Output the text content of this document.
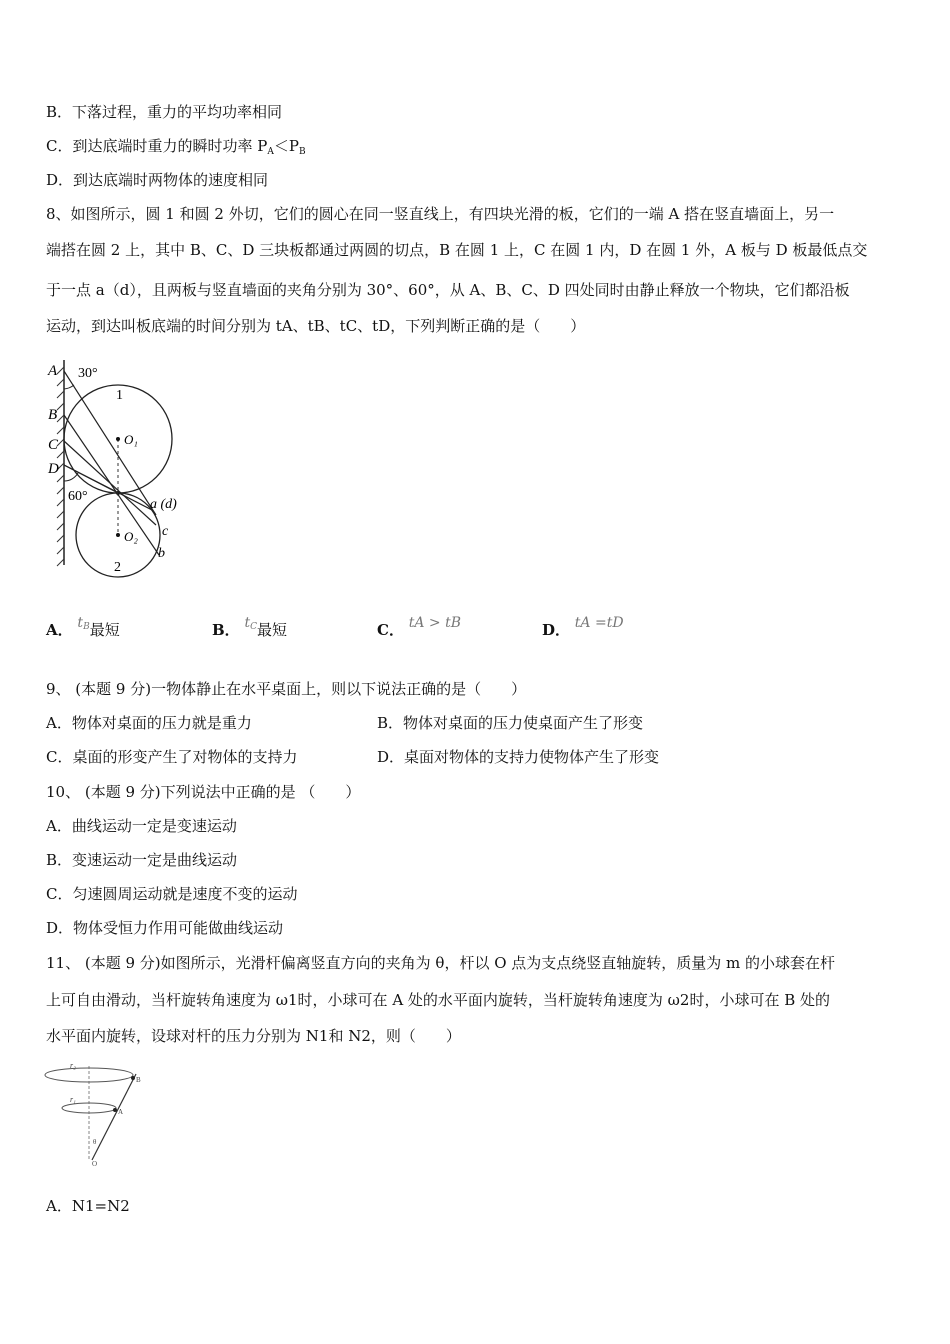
B．下落过程，重力的平均功率相同
C．到达底端时重力的瞬时功率 $P_A<P_B$
D．到达底端时两物体的速度相同
8、如图所示，圆 1 和圆 2 外切，它们的圆心在同一竖直线上，有四块光滑的板，它们的一端 A 搭在竖直墙面上，另一
端搭在圆 2 上，其中 B、C、D 三块板都通过两圆的切点，B 在圆 1 上，C 在圆 1 内，D 在圆 1 外，A 板与 D 板最低点交
于一点 a（d），且两板与竖直墙面的夹角分别为 30°、60°，从 A、B、C、D 四处同时由静止释放一个物块，它们都沿板
运动，到达叫板底端的时间分别为 tA、tB、tC、tD，下列判断正确的是（　　）
A 30°
1
B
C	O₁
D
60°
a (d)
c
b
O₂
2
A． $t^B$最短	B． $t^C$最短	C． tA > tB	D． tA =tD
9、 (本题 9 分)一物体静止在水平桌面上，则以下说法正确的是（　　）
A．物体对桌面的压力就是重力	B．物体对桌面的压力使桌面产生了形变
C．桌面的形变产生了对物体的支持力	D．桌面对物体的支持力使物体产生了形变
10、 (本题 9 分)下列说法中正确的是 （　　）
A．曲线运动一定是变速运动
B．变速运动一定是曲线运动
C．匀速圆周运动就是速度不变的运动
D．物体受恒力作用可能做曲线运动
11、 (本题 9 分)如图所示，光滑杆偏离竖直方向的夹角为 θ，杆以 O 点为支点绕竖直轴旋转，质量为 m 的小球套在杆
上可自由滑动，当杆旋转角速度为 ω1时，小球可在 A 处的水平面内旋转，当杆旋转角速度为 ω2时，小球可在 B 处的
水平面内旋转，设球对杆的压力分别为 N1和 N2，则（　　）
r₂
r₁
B
A
θ
O
A．N1=N2
